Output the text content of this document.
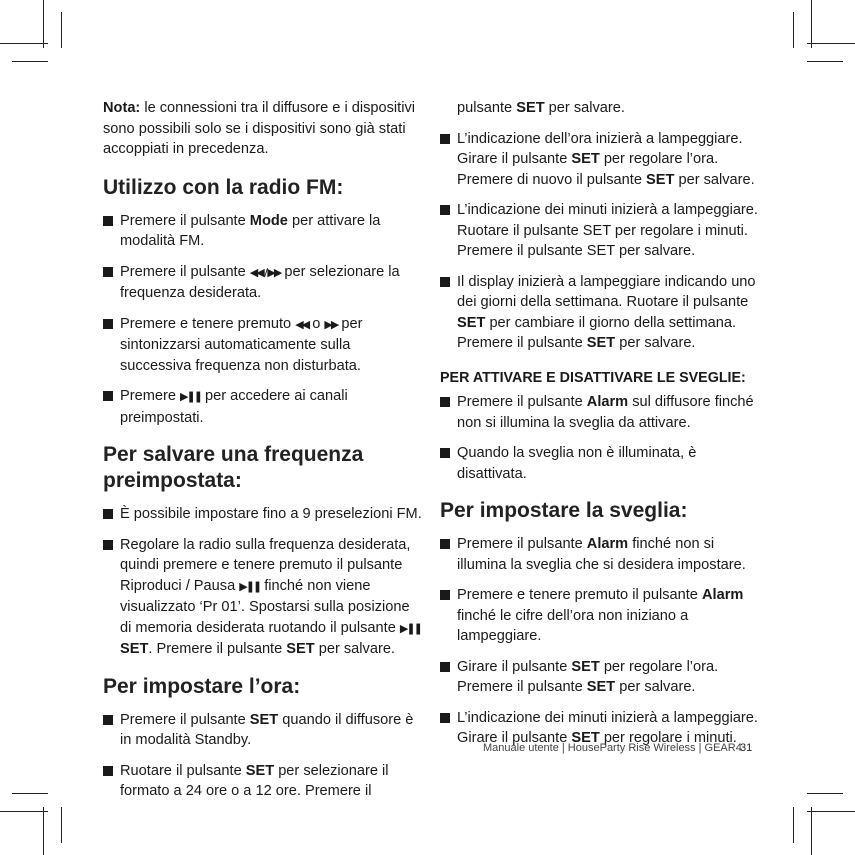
Nota: le connessioni tra il diffusore e i dispositivi sono possibili solo se i dispositivi sono già stati accoppiati in precedenza.

Utilizzo con la radio FM:
Premere il pulsante Mode per attivare la modalità FM.
Premere il pulsante ◀◀ / ▶▶ per selezionare la frequenza desiderata.
Premere e tenere premuto ◀◀ o ▶▶ per sintonizzarsi automaticamente sulla successiva frequenza non disturbata.
Premere ▶❚❚ per accedere ai canali preimpostati.
Per salvare una frequenza preimpostata:
È possibile impostare fino a 9 preselezioni FM.
Regolare la radio sulla frequenza desiderata, quindi premere e tenere premuto il pulsante Riproduci / Pausa ▶❚❚ finché non viene visualizzato ‘Pr 01’. Spostarsi sulla posizione di memoria desiderata ruotando il pulsante ▶❚❚ SET. Premere il pulsante SET per salvare.
Per impostare l’ora:
Premere il pulsante SET quando il diffusore è in modalità Standby.
Ruotare il pulsante SET per selezionare il formato a 24 ore o a 12 ore. Premere il
pulsante SET per salvare.
L’indicazione dell’ora inizierà a lampeggiare. Girare il pulsante SET per regolare l’ora. Premere di nuovo il pulsante SET per salvare.
L’indicazione dei minuti inizierà a lampeggiare. Ruotare il pulsante SET per regolare i minuti. Premere il pulsante SET per salvare.
Il display inizierà a lampeggiare indicando uno dei giorni della settimana. Ruotare il pulsante SET per cambiare il giorno della settimana. Premere il pulsante SET per salvare.
PER ATTIVARE E DISATTIVARE LE SVEGLIE:
Premere il pulsante Alarm sul diffusore finché non si illumina la sveglia da attivare.
Quando la sveglia non è illuminata, è disattivata.
Per impostare la sveglia:
Premere il pulsante Alarm finché non si illumina la sveglia che si desidera impostare.
Premere e tenere premuto il pulsante Alarm finché le cifre dell’ora non iniziano a lampeggiare.
Girare il pulsante SET per regolare l’ora. Premere il pulsante SET per salvare.
L’indicazione dei minuti inizierà a lampeggiare. Girare il pulsante SET per regolare i minuti.
Manuale utente | HouseParty Rise Wireless | GEAR4
31
